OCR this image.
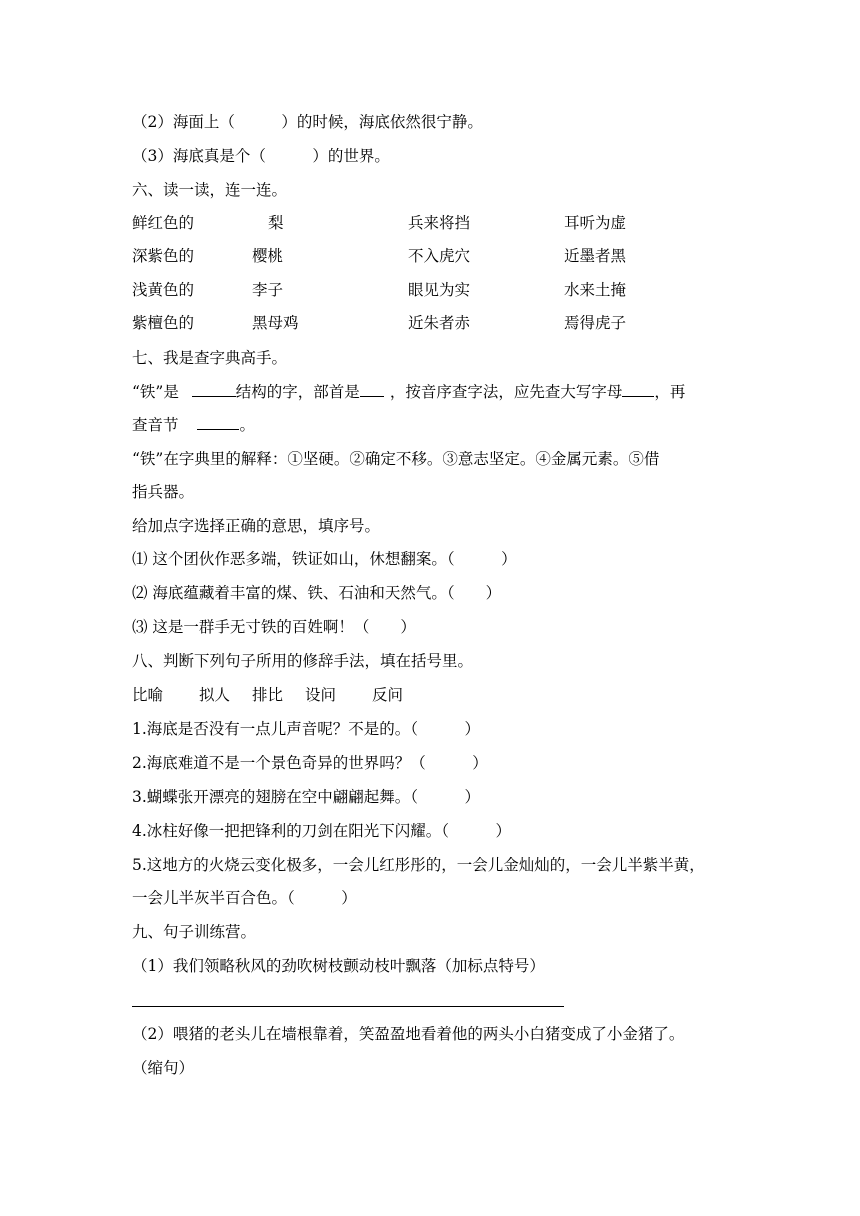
（2）海面上（　　　）的时候，海底依然很宁静。
（3）海底真是个（　　　）的世界。
六、读一读，连一连。
鲜红色的	梨	兵来将挡	耳听为虚
深紫色的	樱桃	不入虎穴	近墨者黑
浅黄色的	李子	眼见为实	水来土掩
紫檀色的	黑母鸡	近朱者赤	焉得虎子
七、我是查字典高手。
“铁”是	结构的字，部首是 ，按音序查字法，应先查大写字母 ，再
查音节	。
“铁”在字典里的解释：①坚硬。②确定不移。③意志坚定。④金属元素。⑤借
指兵器。
给加点字选择正确的意思，填序号。
⑴ 这个团伙作恶多端，铁证如山，休想翻案。（　　　）
⑵ 海底蕴藏着丰富的煤、铁、石油和天然气。（　　）
⑶ 这是一群手无寸铁的百姓啊！（　　）
八、判断下列句子所用的修辞手法，填在括号里。
比喻 拟人 排比 设问 反问
1.海底是否没有一点儿声音呢？不是的。（　　　）
2.海底难道不是一个景色奇异的世界吗？（　　　）
3.蝴蝶张开漂亮的翅膀在空中翩翩起舞。（　　　）
4.冰柱好像一把把锋利的刀剑在阳光下闪耀。（　　　）
5.这地方的火烧云变化极多，一会儿红彤彤的，一会儿金灿灿的，一会儿半紫半黄，
一会儿半灰半百合色。（　　　）
九、句子训练营。
（1）我们领略秋风的劲吹树枝颤动枝叶飘落（加标点特号）
（2）喂猪的老头儿在墙根靠着，笑盈盈地看着他的两头小白猪变成了小金猪了。
（缩句）
